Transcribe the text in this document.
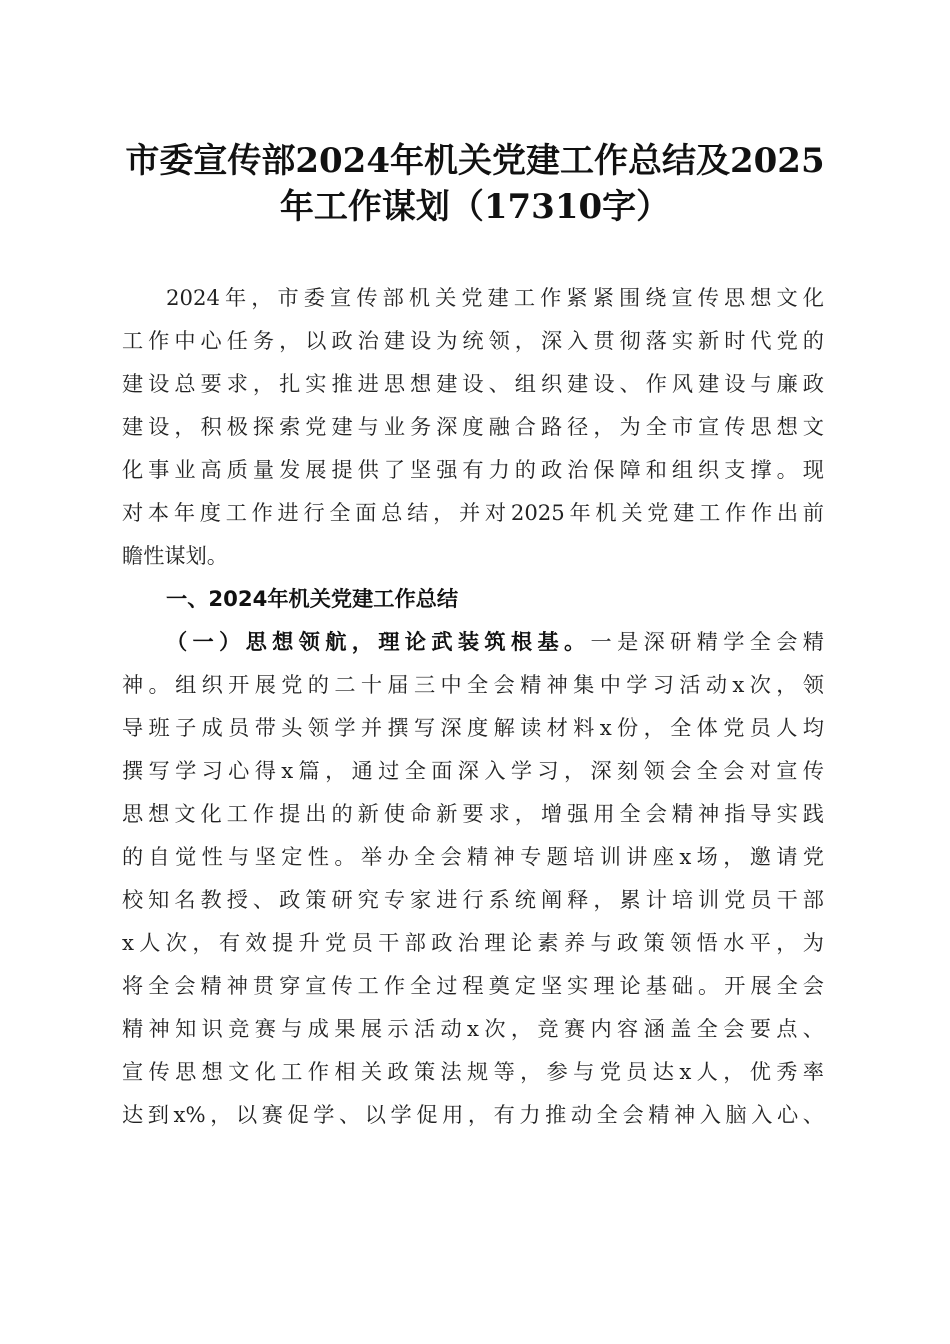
市委宣传部2024年机关党建工作总结及2025
年工作谋划（17310字）
2024年，市委宣传部机关党建工作紧紧围绕宣传思想文化
工作中心任务，以政治建设为统领，深入贯彻落实新时代党的
建设总要求，扎实推进思想建设、组织建设、作风建设与廉政
建设，积极探索党建与业务深度融合路径，为全市宣传思想文
化事业高质量发展提供了坚强有力的政治保障和组织支撑。现
对本年度工作进行全面总结，并对2025年机关党建工作作出前
瞻性谋划。
一、2024年机关党建工作总结
（一）思想领航，理论武装筑根基。一是深研精学全会精
神。组织开展党的二十届三中全会精神集中学习活动x次，领
导班子成员带头领学并撰写深度解读材料x份，全体党员人均
撰写学习心得x篇，通过全面深入学习，深刻领会全会对宣传
思想文化工作提出的新使命新要求，增强用全会精神指导实践
的自觉性与坚定性。举办全会精神专题培训讲座x场，邀请党
校知名教授、政策研究专家进行系统阐释，累计培训党员干部
x人次，有效提升党员干部政治理论素养与政策领悟水平，为
将全会精神贯穿宣传工作全过程奠定坚实理论基础。开展全会
精神知识竞赛与成果展示活动x次，竞赛内容涵盖全会要点、
宣传思想文化工作相关政策法规等，参与党员达x人，优秀率
达到x%，以赛促学、以学促用，有力推动全会精神入脑入心、
